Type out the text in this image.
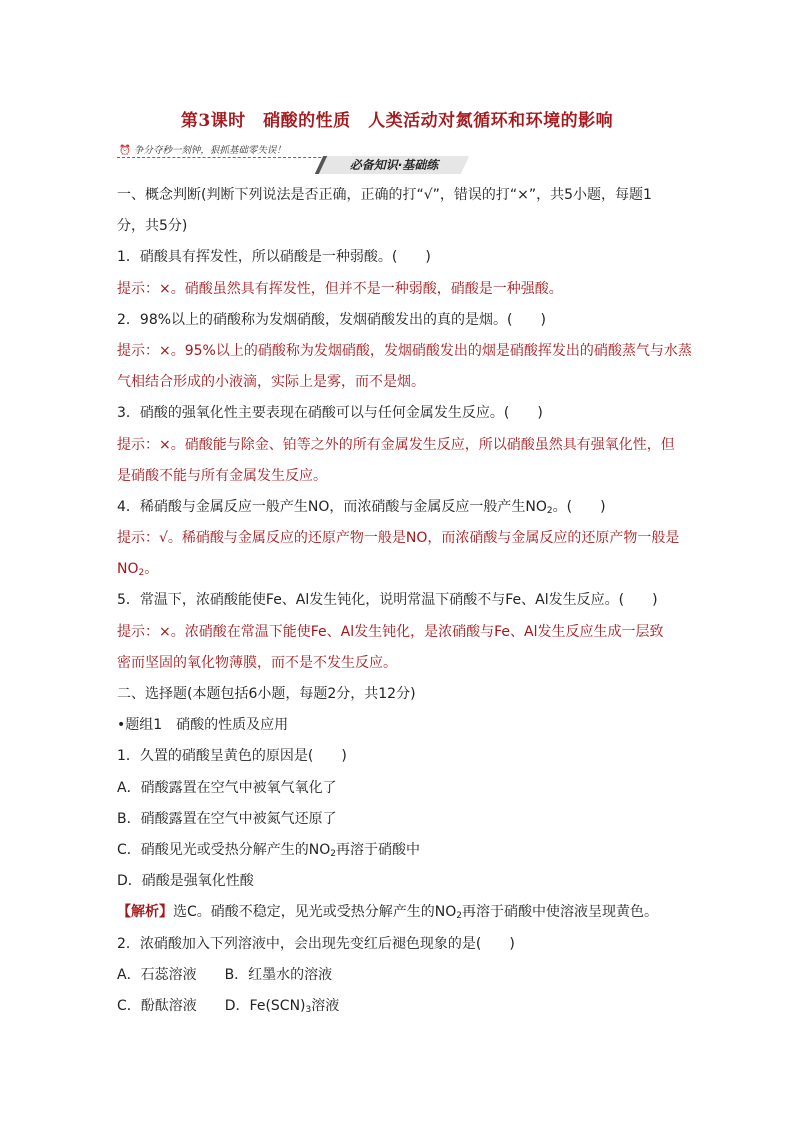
第3课时　硝酸的性质　人类活动对氮循环和环境的影响
⏰ 争分夺秒一刻钟，狠抓基础零失误！
必备知识·基础练

一、概念判断(判断下列说法是否正确，正确的打“√”，错误的打“×”，共5小题，每题1

分，共5分)

1．硝酸具有挥发性，所以硝酸是一种弱酸。(　　)

提示：×。硝酸虽然具有挥发性，但并不是一种弱酸，硝酸是一种强酸。

2．98%以上的硝酸称为发烟硝酸，发烟硝酸发出的真的是烟。(　　)

提示：×。95%以上的硝酸称为发烟硝酸，发烟硝酸发出的烟是硝酸挥发出的硝酸蒸气与水蒸

气相结合形成的小液滴，实际上是雾，而不是烟。

3．硝酸的强氧化性主要表现在硝酸可以与任何金属发生反应。(　　)

提示：×。硝酸能与除金、铂等之外的所有金属发生反应，所以硝酸虽然具有强氧化性，但

是硝酸不能与所有金属发生反应。

4．稀硝酸与金属反应一般产生NO，而浓硝酸与金属反应一般产生$NO_2$。(　　)

提示：√。稀硝酸与金属反应的还原产物一般是NO，而浓硝酸与金属反应的还原产物一般是

$NO_2$。

5．常温下，浓硝酸能使Fe、Al发生钝化，说明常温下硝酸不与Fe、Al发生反应。(　　)

提示：×。浓硝酸在常温下能使Fe、Al发生钝化，是浓硝酸与Fe、Al发生反应生成一层致

密而坚固的氧化物薄膜，而不是不发生反应。

二、选择题(本题包括6小题，每题2分，共12分)

•题组1　硝酸的性质及应用

1．久置的硝酸呈黄色的原因是(　　)

A．硝酸露置在空气中被氧气氧化了

B．硝酸露置在空气中被氮气还原了

C．硝酸见光或受热分解产生的$NO_2$再溶于硝酸中

D．硝酸是强氧化性酸

【解析】选C。硝酸不稳定，见光或受热分解产生的$NO_2$再溶于硝酸中使溶液呈现黄色。

2．浓硝酸加入下列溶液中，会出现先变红后褪色现象的是(　　)

A．石蕊溶液　　B．红墨水的溶液

C．酚酞溶液　　D．$Fe(SCN)_3$溶液
